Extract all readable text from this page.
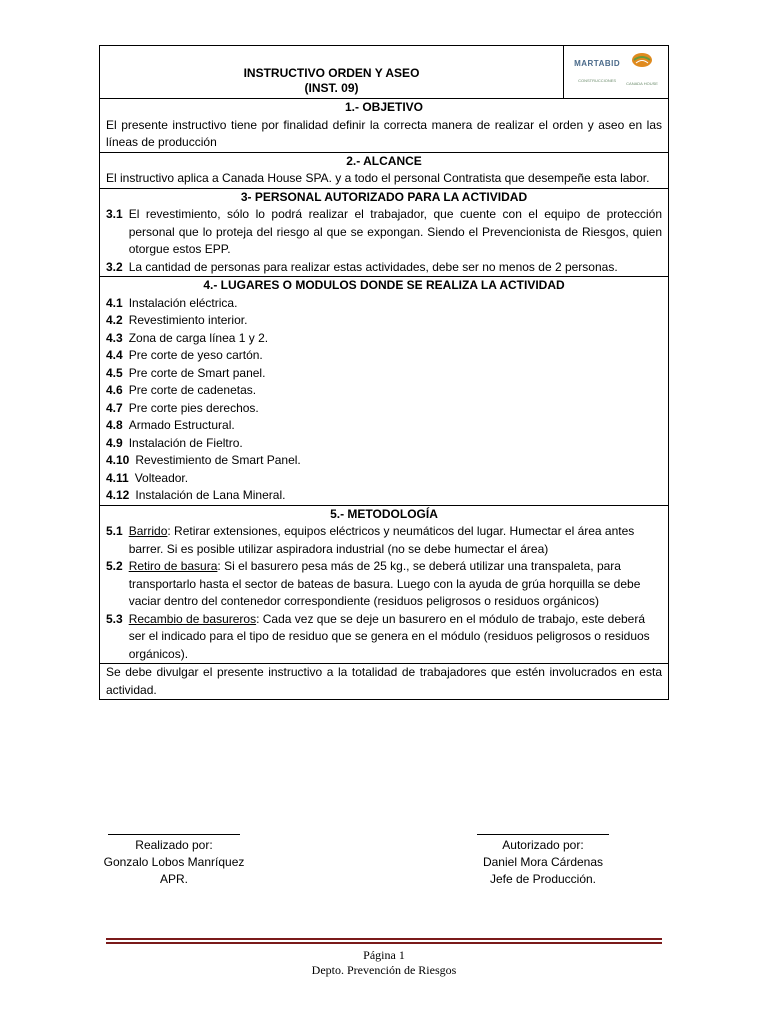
INSTRUCTIVO ORDEN Y ASEO
(INST. 09)

MARTABID
CONSTRUCCIONES
CANADA HOUSE

1.- OBJETIVO
El presente instructivo tiene por finalidad definir la correcta manera de realizar el orden y aseo en las líneas de producción

2.- ALCANCE
El instructivo aplica a Canada House SPA. y a todo el personal Contratista que desempeñe esta labor.

3- PERSONAL AUTORIZADO PARA LA ACTIVIDAD
3.1 El revestimiento, sólo lo podrá realizar el trabajador, que cuente con el equipo de protección personal que lo proteja del riesgo al que se expongan. Siendo el Prevencionista de Riesgos, quien otorgue estos EPP.
3.2 La cantidad de personas para realizar estas actividades, debe ser no menos de 2 personas.

4.- LUGARES O MODULOS DONDE SE REALIZA LA ACTIVIDAD
4.1 Instalación eléctrica.
4.2 Revestimiento interior.
4.3 Zona de carga línea 1 y 2.
4.4 Pre corte de yeso cartón.
4.5 Pre corte de Smart panel.
4.6 Pre corte de cadenetas.
4.7 Pre corte pies derechos.
4.8 Armado Estructural.
4.9 Instalación de Fieltro.
4.10 Revestimiento de Smart Panel.
4.11 Volteador.
4.12 Instalación de Lana Mineral.

5.- METODOLOGÍA
5.1 Barrido: Retirar extensiones, equipos eléctricos y neumáticos del lugar. Humectar el área antes barrer. Si es posible utilizar aspiradora industrial (no se debe humectar el área)
5.2 Retiro de basura: Si el basurero pesa más de 25 kg., se deberá utilizar una transpaleta, para transportarlo hasta el sector de bateas de basura. Luego con la ayuda de grúa horquilla se debe vaciar dentro del contenedor correspondiente (residuos peligrosos o residuos orgánicos)
5.3 Recambio de basureros: Cada vez que se deje un basurero en el módulo de trabajo, este deberá ser el indicado para el tipo de residuo que se genera en el módulo (residuos peligrosos o residuos orgánicos).

Se debe divulgar el presente instructivo a la totalidad de trabajadores que estén involucrados en esta actividad.
Realizado por:
Gonzalo Lobos Manríquez
APR.
Autorizado por:
Daniel Mora Cárdenas
Jefe de Producción.
Página 1
Depto. Prevención de Riesgos
